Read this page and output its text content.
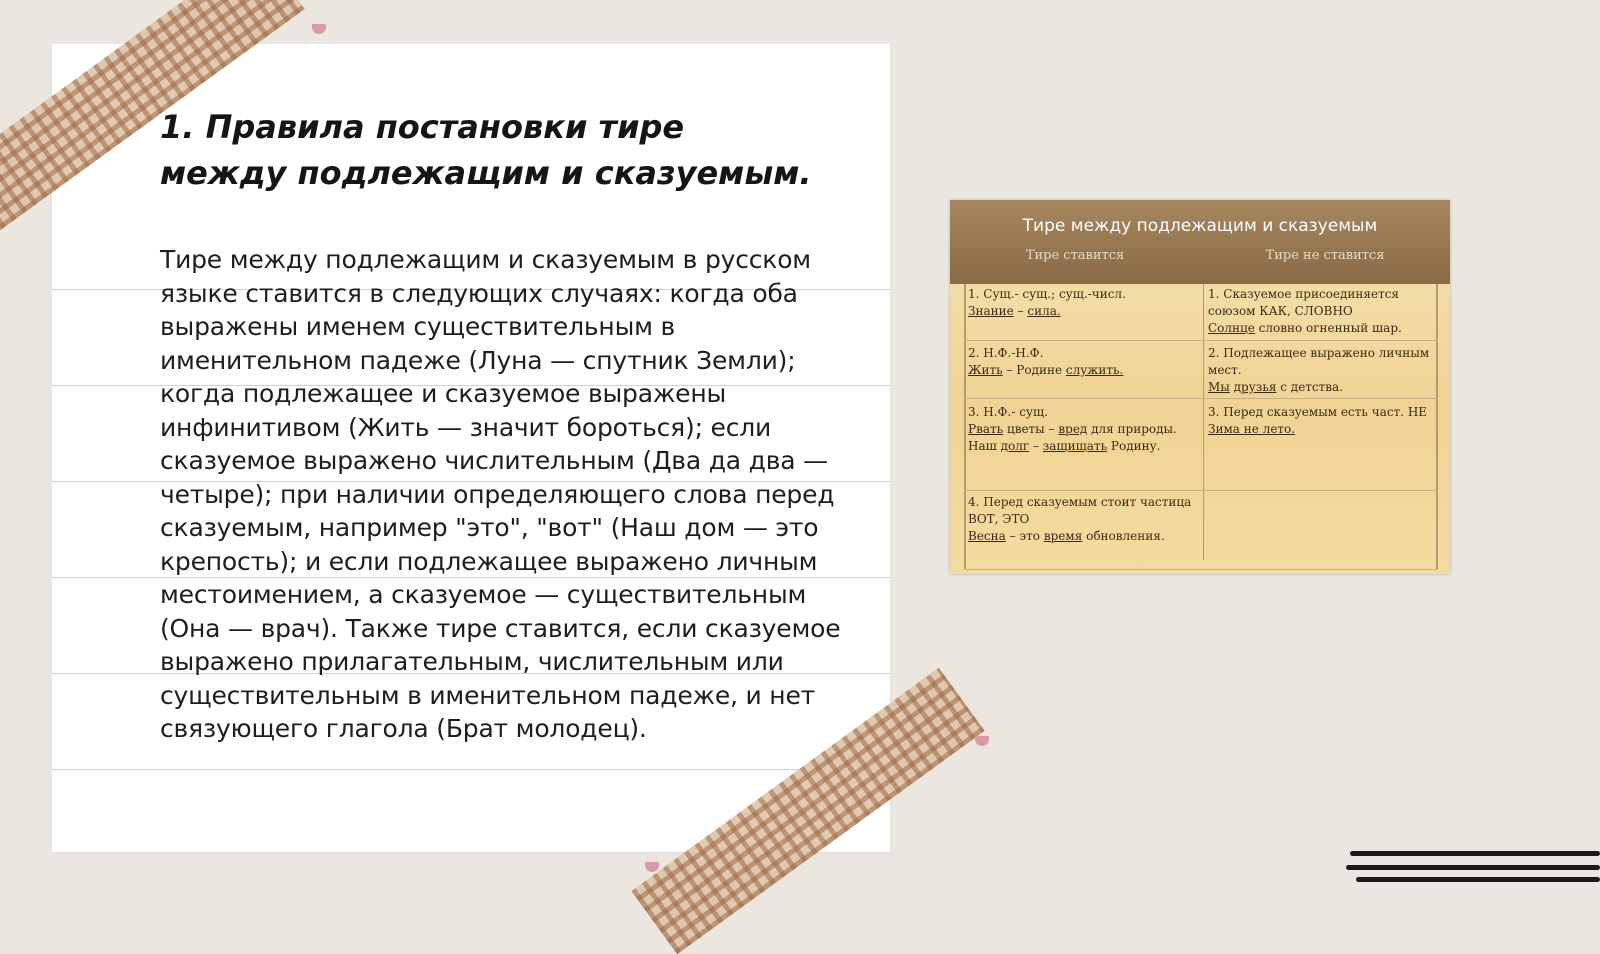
1. Правила постановки тире
между подлежащим и сказуемым.

Тире между подлежащим и сказуемым в русском языке ставится в следующих случаях: когда оба выражены именем существительным в именительном падеже (Луна — спутник Земли); когда подлежащее и сказуемое выражены инфинитивом (Жить — значит бороться); если сказуемое выражено числительным (Два да два — четыре); при наличии определяющего слова перед сказуемым, например "это", "вот" (Наш дом — это крепость); и если подлежащее выражено личным местоимением, а сказуемое — существительным (Она — врач). Также тире ставится, если сказуемое выражено прилагательным, числительным или существительным в именительном падеже, и нет связующего глагола (Брат молодец).

Тире между подлежащим и сказуемым
Тире ставится	Тире не ставится
1. Сущ.- сущ.; сущ.-числ.
Знание – сила.
2. Н.Ф.-Н.Ф.
Жить – Родине служить.
3. Н.Ф.- сущ.
Рвать цветы – вред для природы.
Наш долг – защищать Родину.
4. Перед сказуемым стоит частица ВОТ, ЭТО
Весна – это время обновления.
1. Сказуемое присоединяется союзом КАК, СЛОВНО
Солнце словно огненный шар.
2. Подлежащее выражено личным мест.
Мы друзья с детства.
3. Перед сказуемым есть част. НЕ
Зима не лето.
